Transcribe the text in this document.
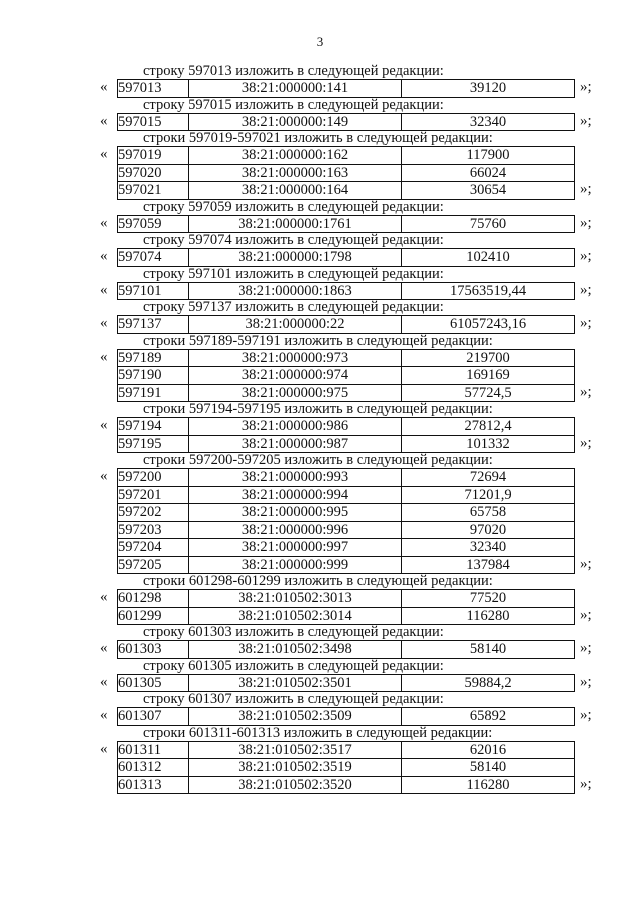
3
строку 597013 изложить в следующей редакции:
« 597013	38:21:000000:141	39120	»;
строку 597015 изложить в следующей редакции:
« 597015	38:21:000000:149	32340	»;
строки 597019-597021 изложить в следующей редакции:
« 597019	38:21:000000:162	117900
597020	38:21:000000:163	66024
597021	38:21:000000:164	30654	»;
строку 597059 изложить в следующей редакции:
« 597059	38:21:000000:1761	75760	»;
строку 597074 изложить в следующей редакции:
« 597074	38:21:000000:1798	102410	»;
строку 597101 изложить в следующей редакции:
« 597101	38:21:000000:1863	17563519,44	»;
строку 597137 изложить в следующей редакции:
« 597137	38:21:000000:22	61057243,16	»;
строки 597189-597191 изложить в следующей редакции:
« 597189	38:21:000000:973	219700
597190	38:21:000000:974	169169
597191	38:21:000000:975	57724,5	»;
строки 597194-597195 изложить в следующей редакции:
« 597194	38:21:000000:986	27812,4
597195	38:21:000000:987	101332	»;
строки 597200-597205 изложить в следующей редакции:
« 597200	38:21:000000:993	72694
597201	38:21:000000:994	71201,9
597202	38:21:000000:995	65758
597203	38:21:000000:996	97020
597204	38:21:000000:997	32340
597205	38:21:000000:999	137984	»;
строки 601298-601299 изложить в следующей редакции:
« 601298	38:21:010502:3013	77520
601299	38:21:010502:3014	116280	»;
строку 601303 изложить в следующей редакции:
« 601303	38:21:010502:3498	58140	»;
строку 601305 изложить в следующей редакции:
« 601305	38:21:010502:3501	59884,2	»;
строку 601307 изложить в следующей редакции:
« 601307	38:21:010502:3509	65892	»;
строки 601311-601313 изложить в следующей редакции:
« 601311	38:21:010502:3517	62016
601312	38:21:010502:3519	58140
601313	38:21:010502:3520	116280	»;
